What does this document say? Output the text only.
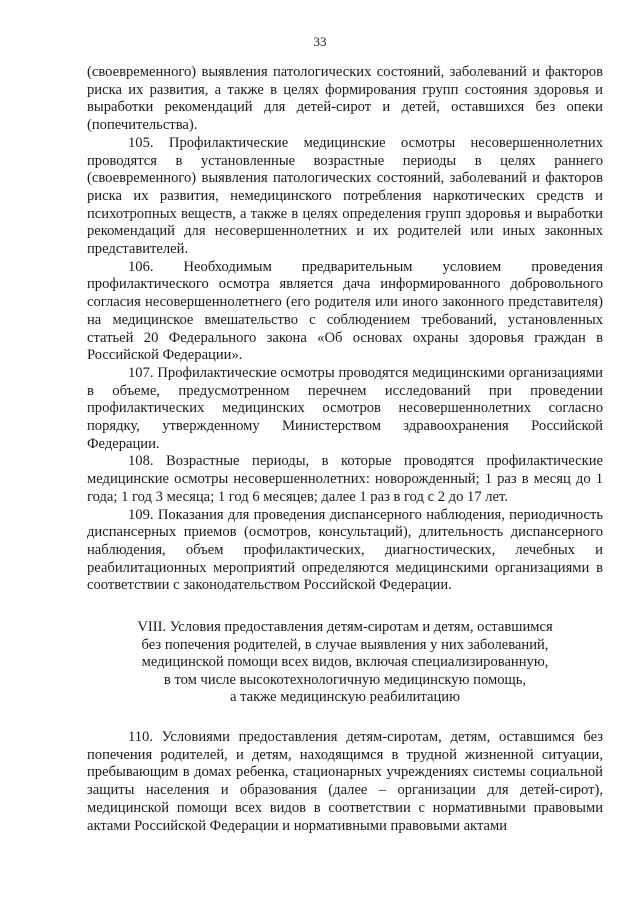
33

(своевременного) выявления патологических состояний, заболеваний и факторов риска их развития, а также в целях формирования групп состояния здоровья и выработки рекомендаций для детей-сирот и детей, оставшихся без опеки (попечительства).

105. Профилактические медицинские осмотры несовершеннолетних проводятся в установленные возрастные периоды в целях раннего (своевременного) выявления патологических состояний, заболеваний и факторов риска их развития, немедицинского потребления наркотических средств и психотропных веществ, а также в целях определения групп здоровья и выработки рекомендаций для несовершеннолетних и их родителей или иных законных представителей.

106. Необходимым предварительным условием проведения профилактического осмотра является дача информированного добровольного согласия несовершеннолетнего (его родителя или иного законного представителя) на медицинское вмешательство с соблюдением требований, установленных статьей 20 Федерального закона «Об основах охраны здоровья граждан в Российской Федерации».

107. Профилактические осмотры проводятся медицинскими организациями в объеме, предусмотренном перечнем исследований при проведении профилактических медицинских осмотров несовершеннолетних согласно порядку, утвержденному Министерством здравоохранения Российской Федерации.

108. Возрастные периоды, в которые проводятся профилактические медицинские осмотры несовершеннолетних: новорожденный; 1 раз в месяц до 1 года; 1 год 3 месяца; 1 год 6 месяцев; далее 1 раз в год с 2 до 17 лет.

109. Показания для проведения диспансерного наблюдения, периодичность диспансерных приемов (осмотров, консультаций), длительность диспансерного наблюдения, объем профилактических, диагностических, лечебных и реабилитационных мероприятий определяются медицинскими организациями в соответствии с законодательством Российской Федерации.

VIII. Условия предоставления детям-сиротам и детям, оставшимся
без попечения родителей, в случае выявления у них заболеваний,
медицинской помощи всех видов, включая специализированную,
в том числе высокотехнологичную медицинскую помощь,
а также медицинскую реабилитацию

110. Условиями предоставления детям-сиротам, детям, оставшимся без попечения родителей, и детям, находящимся в трудной жизненной ситуации, пребывающим в домах ребенка, стационарных учреждениях системы социальной защиты населения и образования (далее – организации для детей-сирот), медицинской помощи всех видов в соответствии с нормативными правовыми актами Российской Федерации и нормативными правовыми актами
